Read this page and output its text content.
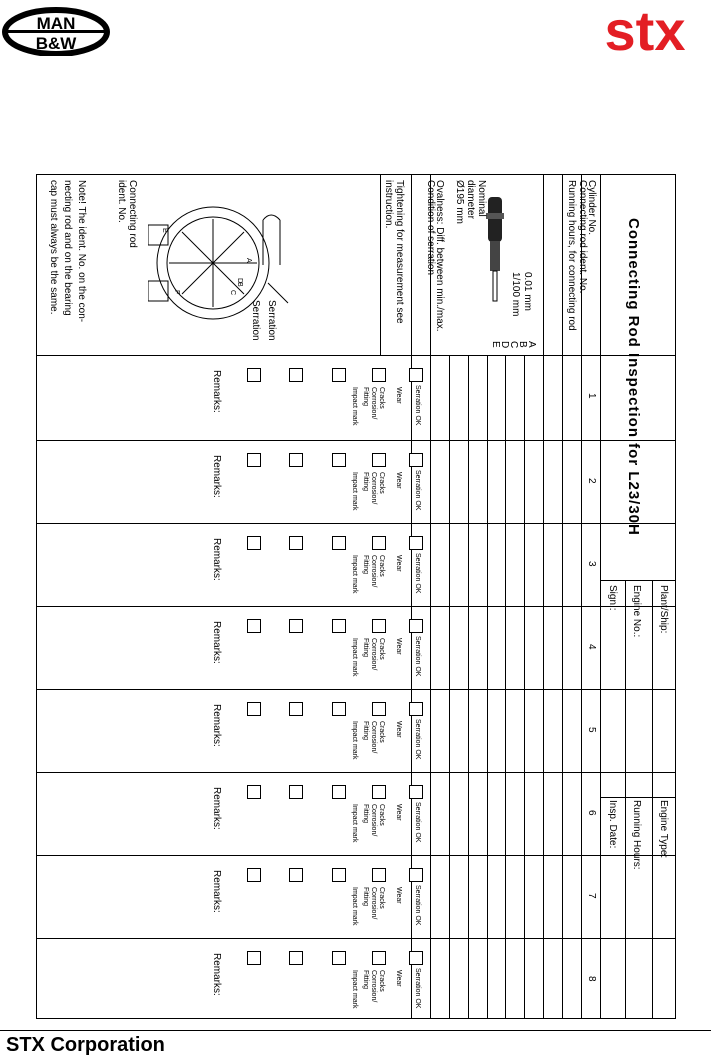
MAN
B&W	stx
Connecting Rod Inspection for L23/30H
Plant/Ship:
Engine No.:
Sign.:
Engine Type:
Running Hours:
Insp. Date:
Cylinder No.
Connecting rod ident. No.
Running hours, for connecting rod
0.01 mm
1/100 mm
Nominal
diameter
Ø195 mm
A
B
C
D
E
Ovalness: Diff. between min./max.
Condition of serration
Tightening for measurement see
instruction.
A
B
C
D
E
F
Serration
Serration
Connecting rod
ident. No.
Note! The ident. No. on the con-
necting rod and on the bearing
cap must always be the same.
1
Serration OK
Wear
Cracks
Corrosion/
Fitting
Impact mark
Remarks:
2
Serration OK
Wear
Cracks
Corrosion/
Fitting
Impact mark
Remarks:
3
Serration OK
Wear
Cracks
Corrosion/
Fitting
Impact mark
Remarks:
4
Serration OK
Wear
Cracks
Corrosion/
Fitting
Impact mark
Remarks:
5
Serration OK
Wear
Cracks
Corrosion/
Fitting
Impact mark
Remarks:
6
Serration OK
Wear
Cracks
Corrosion/
Fitting
Impact mark
Remarks:
7
Serration OK
Wear
Cracks
Corrosion/
Fitting
Impact mark
Remarks:
8
Serration OK
Wear
Cracks
Corrosion/
Fitting
Impact mark
Remarks:
STX Corporation
